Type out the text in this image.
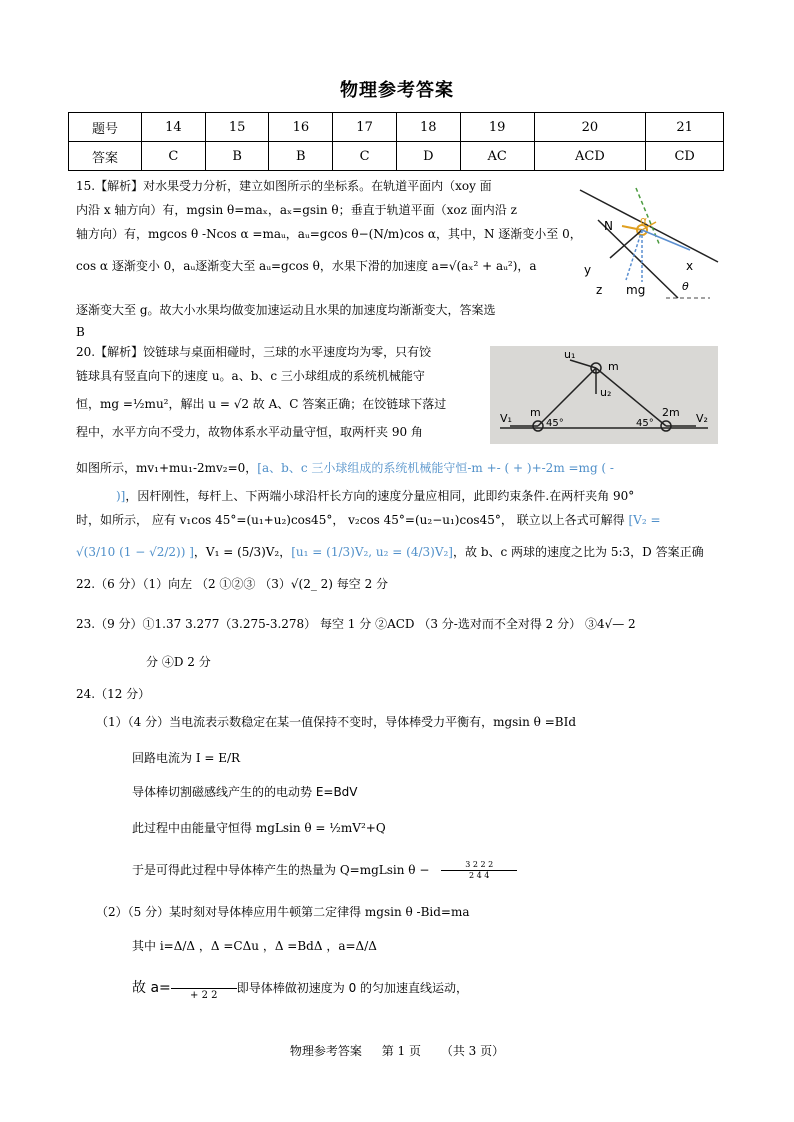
物理参考答案
题号	14	15	16	17	18	19	20	21
答案	C	B	B	C	D	AC	ACD	CD
15.【解析】对水果受力分析，建立如图所示的坐标系。在轨道平面内（xoy 面
内沿 x 轴方向）有，mgsin θ=maₓ，aₓ=gsin θ；垂直于轨道平面（xoz 面内沿 z
轴方向）有，mgcos θ -Ncos α =maᵤ，aᵤ=gcos θ−(N/m)cos α，其中，N 逐渐变小至 0，
cos α 逐渐变小 0，aᵤ逐渐变大至 aᵤ=gcos θ，水果下滑的加速度 a=√(aₓ² + aᵤ²)，a
逐渐变大至 g。故大小水果均做变加速运动且水果的加速度均渐渐变大，答案选
B
N α
y	x
z mg	θ
20.【解析】饺链球与桌面相碰时，三球的水平速度均为零，只有饺
链球具有竖直向下的速度 u。a、b、c 三小球组成的系统机械能守
恒，mg =½mu²，解出 u = √2 故 A、C 答案正确；在饺链球下落过
程中，水平方向不受力，故物体系水平动量守恒，取两杆夹 90 角
u₁
m
u₂
V₁ m
45°	45°
2m V₂
如图所示，mv₁+mu₁-2mv₂=0，[a、b、c 三小球组成的系统机械能守恒-m +- ( + )+-2m =mg ( -
)]，因杆刚性，每杆上、下两端小球沿杆长方向的速度分量应相同，此即约束条件.在两杆夹角 90°
时，如所示， 应有 v₁cos 45°=(u₁+u₂)cos45°， v₂cos 45°=(u₂−u₁)cos45°， 联立以上各式可解得 [V₂ =
√(3/10 (1 − √2/2)) ]，V₁ = (5/3)V₂，[u₁ = (1/3)V₂, u₂ = (4/3)V₂]，故 b、c 两球的速度之比为 5:3，D 答案正确
22.（6 分）（1）向左 （2 ①②③ （3）√(2_ 2) 每空 2 分
23.（9 分）①1.37 3.277（3.275-3.278） 每空 1 分 ②ACD （3 分-选对而不全对得 2 分） ③4√— 2
分 ④D 2 分
24.（12 分）
（1）（4 分）当电流表示数稳定在某一值保持不变时，导体棒受力平衡有，mgsin θ =BId
回路电流为 I = E/R
导体棒切割磁感线产生的的电动势 E=BdV
此过程中由能量守恒得 mgLsin θ = ½mV²+Q
于是可得此过程中导体棒产生的热量为 Q=mgLsin $\theta - \frac{3 2 2 2}{2 4 4}$
（2）（5 分）某时刻对导体棒应用牛顿第二定律得 mgsin θ -Bid=ma
其中 i=Δ/Δ ，Δ =CΔu ，Δ =BdΔ ，a=Δ/Δ
故 a= + 2 2即导体棒做初速度为 0 的匀加速直线运动，
物理参考答案 第 1 页 （共 3 页）
